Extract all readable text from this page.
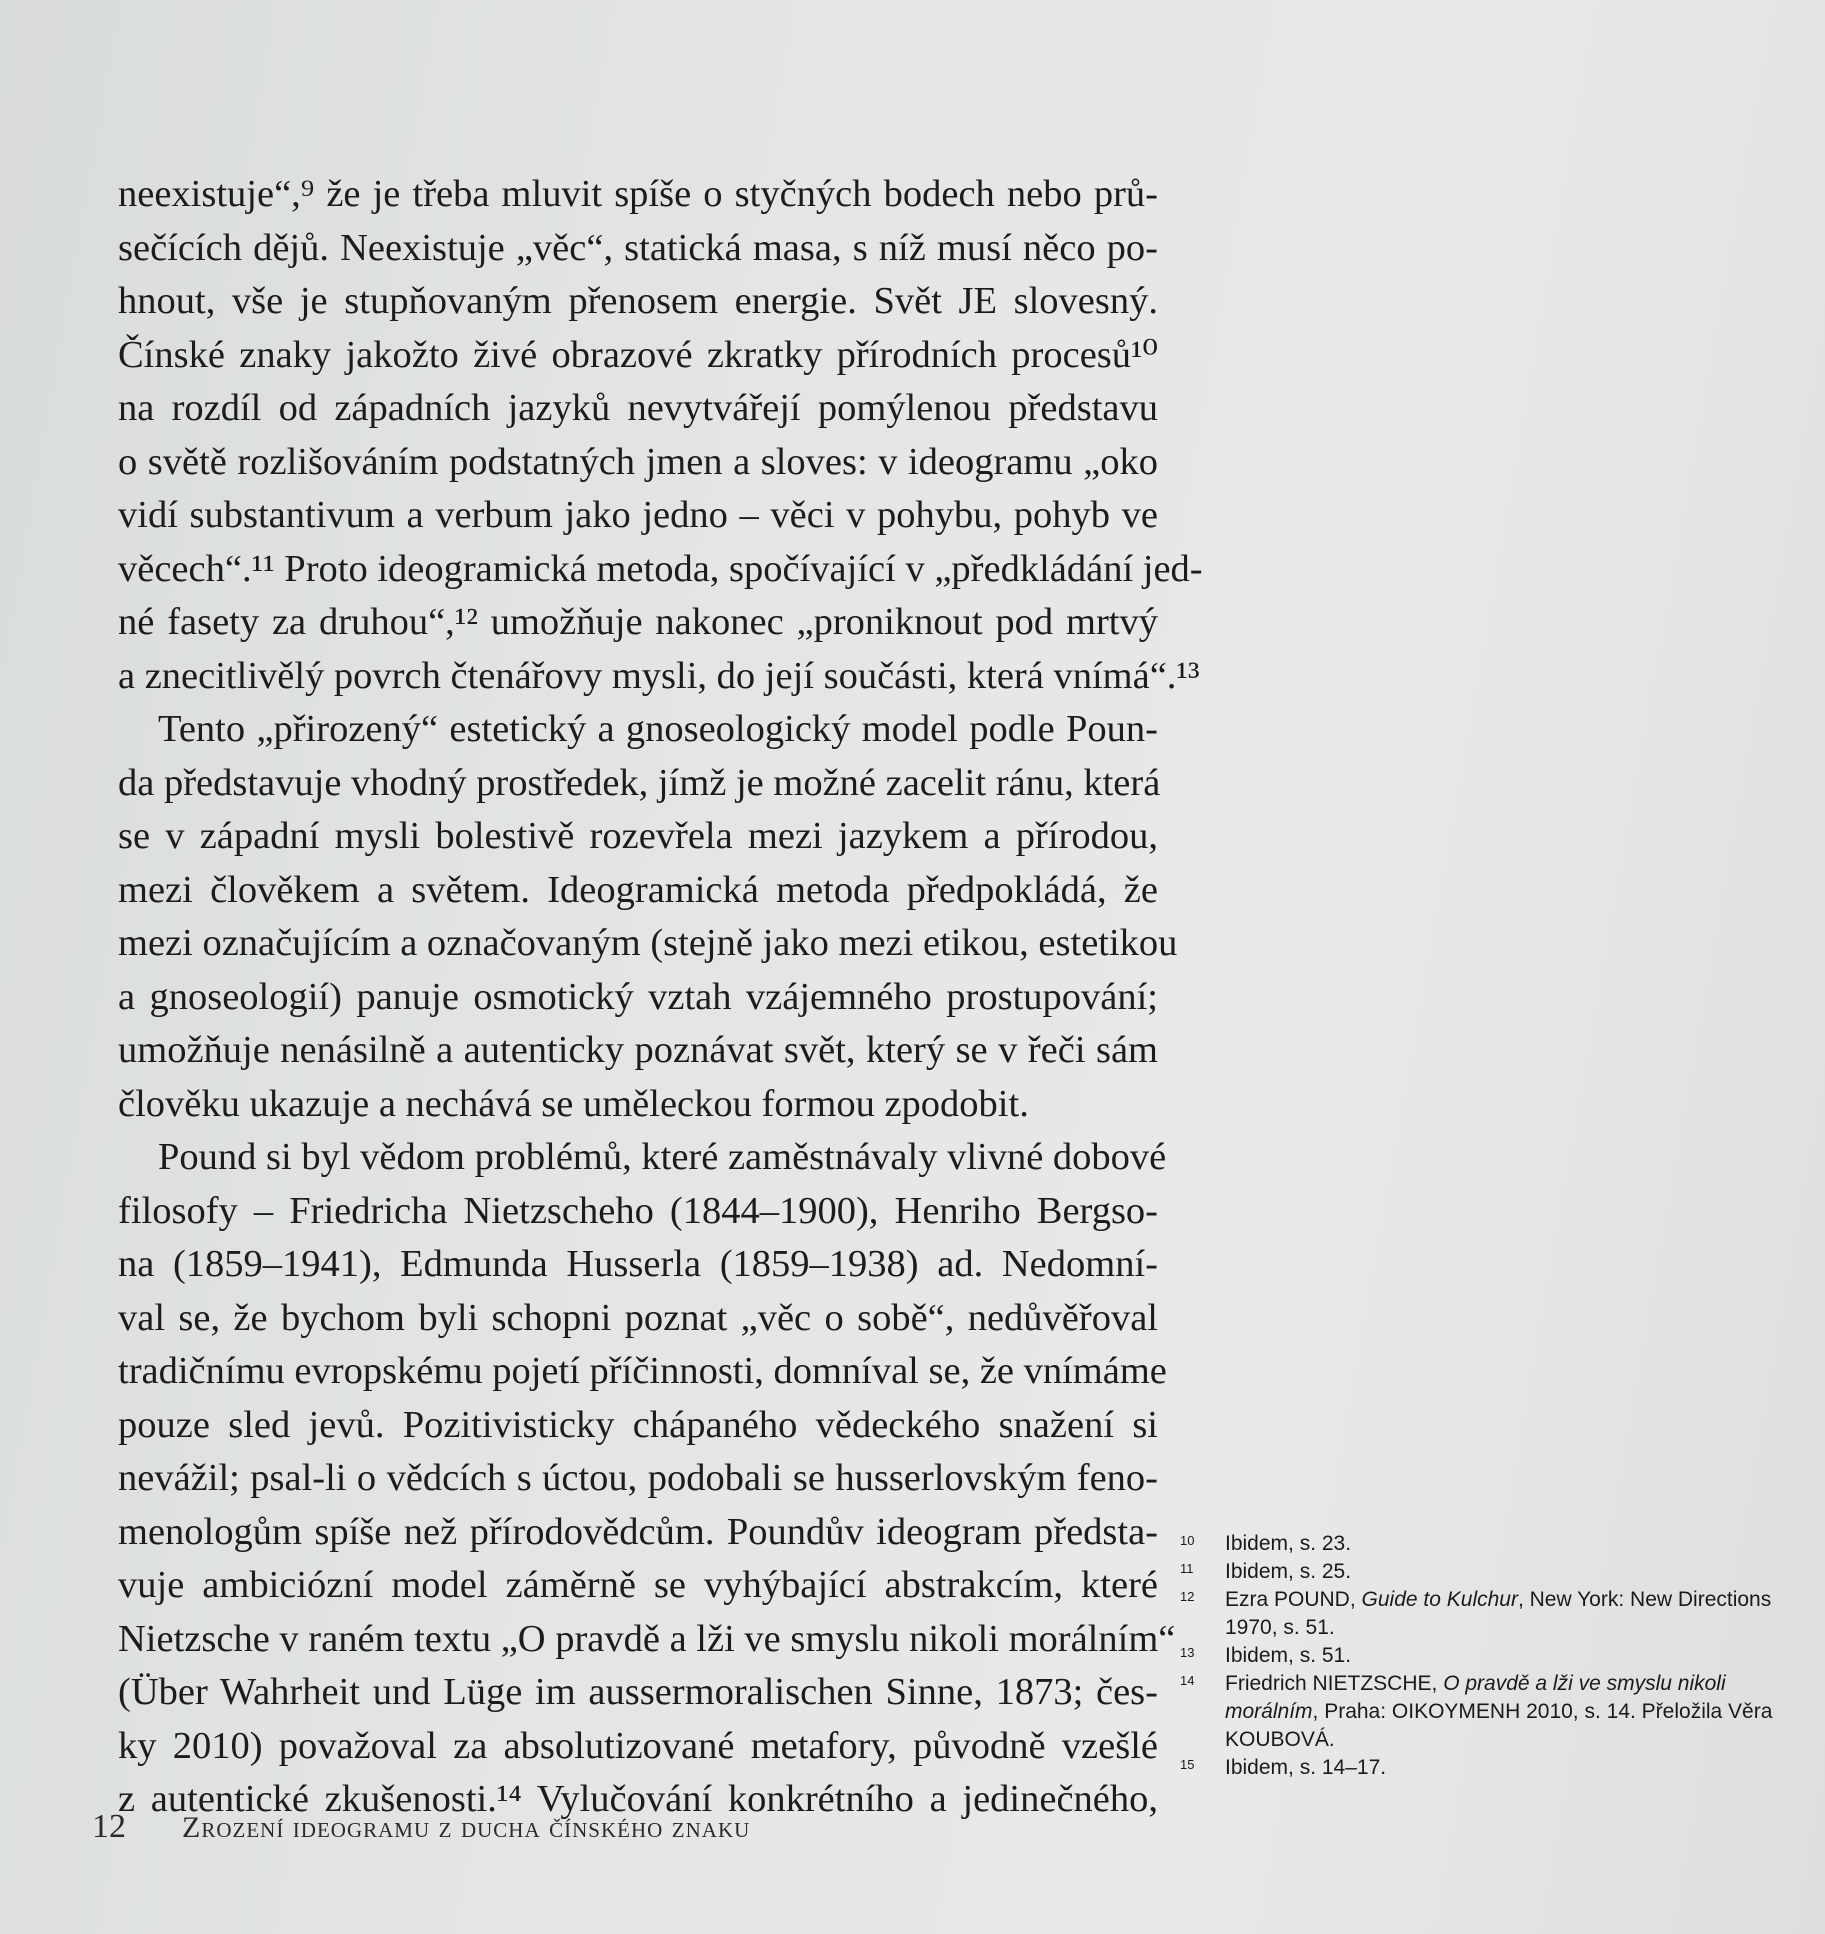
neexistuje“,⁹ že je třeba mluvit spíše o styčných bodech nebo prů-
sečících dějů. Neexistuje „věc“, statická masa, s níž musí něco po-
hnout, vše je stupňovaným přenosem energie. Svět JE slovesný.
Čínské znaky jakožto živé obrazové zkratky přírodních procesů¹⁰
na rozdíl od západních jazyků nevytvářejí pomýlenou představu
o světě rozlišováním podstatných jmen a sloves: v ideogramu „oko
vidí substantivum a verbum jako jedno – věci v pohybu, pohyb ve
věcech“.¹¹ Proto ideogramická metoda, spočívající v „předkládání jed-
né fasety za druhou“,¹² umožňuje nakonec „proniknout pod mrtvý
a znecitlivělý povrch čtenářovy mysli, do její součásti, která vnímá“.¹³
Tento „přirozený“ estetický a gnoseologický model podle Poun-
da představuje vhodný prostředek, jímž je možné zacelit ránu, která
se v západní mysli bolestivě rozevřela mezi jazykem a přírodou,
mezi člověkem a světem. Ideogramická metoda předpokládá, že
mezi označujícím a označovaným (stejně jako mezi etikou, estetikou
a gnoseologií) panuje osmotický vztah vzájemného prostupování;
umožňuje nenásilně a autenticky poznávat svět, který se v řeči sám
člověku ukazuje a nechává se uměleckou formou zpodobit.
Pound si byl vědom problémů, které zaměstnávaly vlivné dobové
filosofy – Friedricha Nietzscheho (1844–1900), Henriho Bergso-
na (1859–1941), Edmunda Husserla (1859–1938) ad. Nedomní-
val se, že bychom byli schopni poznat „věc o sobě“, nedůvěřoval
tradičnímu evropskému pojetí příčinnosti, domníval se, že vnímáme
pouze sled jevů. Pozitivisticky chápaného vědeckého snažení si
nevážil; psal-li o vědcích s úctou, podobali se husserlovským feno-
menologům spíše než přírodovědcům. Poundův ideogram předsta-
vuje ambiciózní model záměrně se vyhýbající abstrakcím, které
Nietzsche v raném textu „O pravdě a lži ve smyslu nikoli morálním“
(Über Wahrheit und Lüge im aussermoralischen Sinne, 1873; čes-
ky 2010) považoval za absolutizované metafory, původně vzešlé
z autentické zkušenosti.¹⁴ Vylučování konkrétního a jedinečného,
10	Ibidem, s. 23.
11	Ibidem, s. 25.
12	Ezra POUND, Guide to Kulchur, New York: New Directions 1970, s. 51.
13	Ibidem, s. 51.
14	Friedrich NIETZSCHE, O pravdě a lži ve smyslu nikoli morálním, Praha: OIKOYMENH 2010, s. 14. Přeložila Věra KOUBOVÁ.
15	Ibidem, s. 14–17.
12 Zrození ideogramu z ducha čínského znaku
